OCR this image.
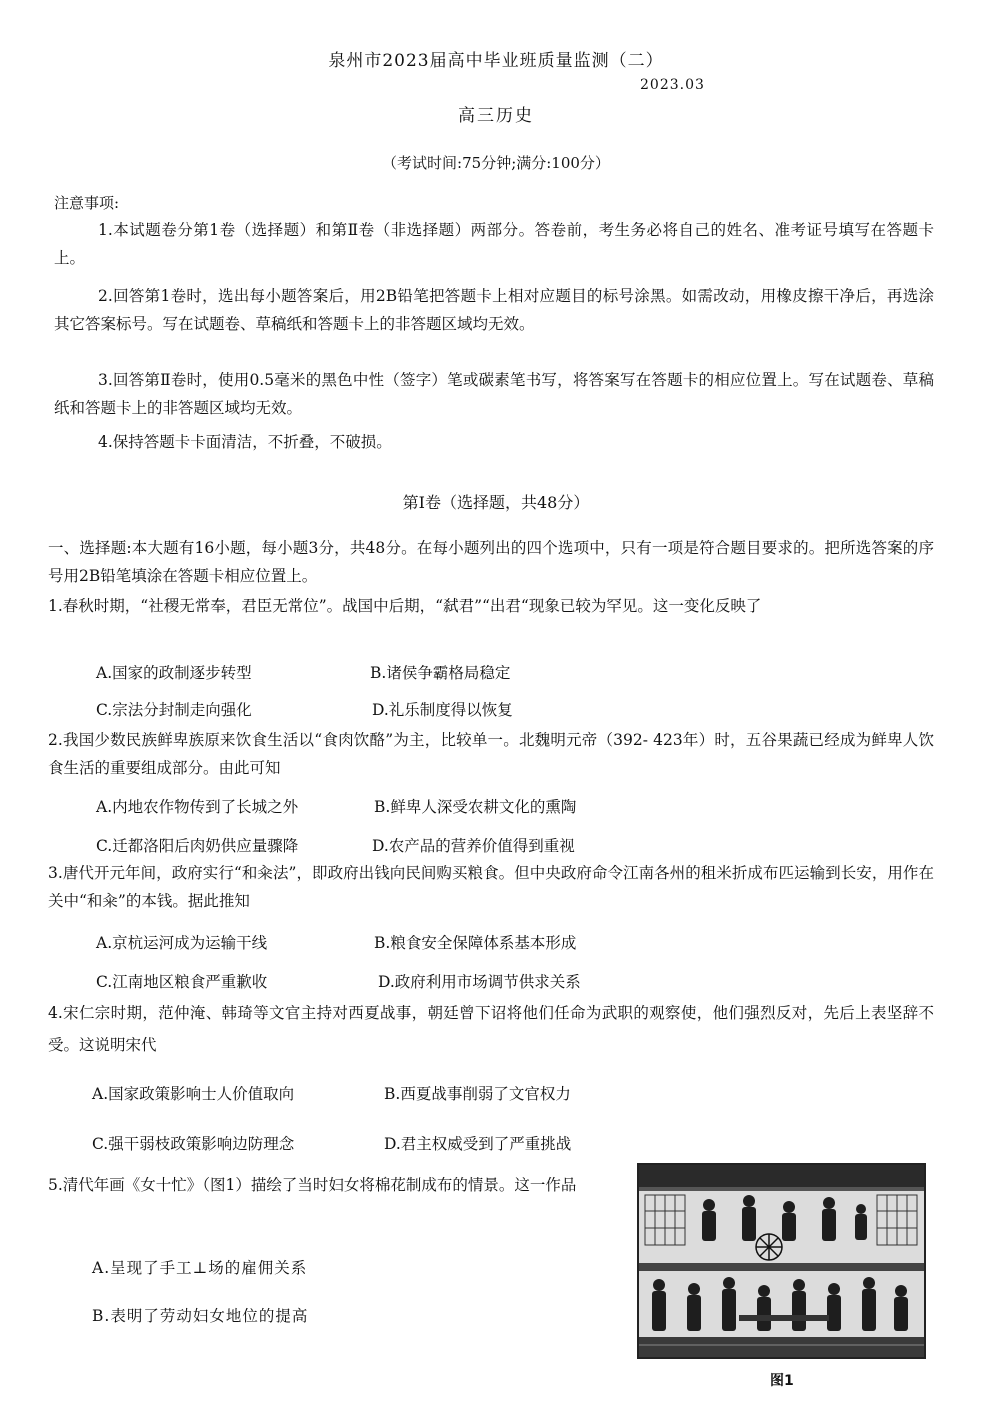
泉州市2023届高中毕业班质量监测（二）
2023.03
高三历史
（考试时间:75分钟;满分:100分）
注意事项:
1.本试题卷分第1卷（选择题）和第Ⅱ卷（非选择题）两部分。答卷前，考生务必将自己的姓名、准考证号填写在答题卡上。
2.回答第1卷时，选出每小题答案后，用2B铅笔把答题卡上相对应题目的标号涂黑。如需改动，用橡皮擦干净后，再选涂其它答案标号。写在试题卷、草稿纸和答题卡上的非答题区域均无效。
3.回答第Ⅱ卷时，使用0.5毫米的黑色中性（签字）笔或碳素笔书写，将答案写在答题卡的相应位置上。写在试题卷、草稿纸和答题卡上的非答题区域均无效。
4.保持答题卡卡面清洁，不折叠，不破损。
第Ⅰ卷（选择题，共48分）
一、选择题:本大题有16小题，每小题3分，共48分。在每小题列出的四个选项中，只有一项是符合题目要求的。把所选答案的序号用2B铅笔填涂在答题卡相应位置上。
1.春秋时期，“社稷无常奉，君臣无常位”。战国中后期，“弑君”“出君“现象已较为罕见。这一变化反映了
A.国家的政制逐步转型	B.诸侯争霸格局稳定
C.宗法分封制走向强化	D.礼乐制度得以恢复
2.我国少数民族鲜卑族原来饮食生活以“食肉饮酪”为主，比较单一。北魏明元帝（392- 423年）时，五谷果蔬已经成为鲜卑人饮食生活的重要组成部分。由此可知
A.内地农作物传到了长城之外	B.鲜卑人深受农耕文化的熏陶
C.迁都洛阳后肉奶供应量骤降	D.农产品的营养价值得到重视
3.唐代开元年间，政府实行“和籴法”，即政府出钱向民间购买粮食。但中央政府命令江南各州的租米折成布匹运输到长安，用作在关中“和籴”的本钱。据此推知
A.京杭运河成为运输干线	B.粮食安全保障体系基本形成
C.江南地区粮食严重歉收	D.政府利用市场调节供求关系
4.宋仁宗时期，范仲淹、韩琦等文官主持对西夏战事，朝廷曾下诏将他们任命为武职的观察使，他们强烈反对，先后上表坚辞不受。这说明宋代
A.国家政策影响士人价值取向	B.西夏战事削弱了文官权力
C.强干弱枝政策影响边防理念	D.君主权威受到了严重挑战
5.清代年画《女十忙》（图1）描绘了当时妇女将棉花制成布的情景。这一作品
A.呈现了手工⊥场的雇佣关系
B.表明了劳动妇女地位的提高
图1
